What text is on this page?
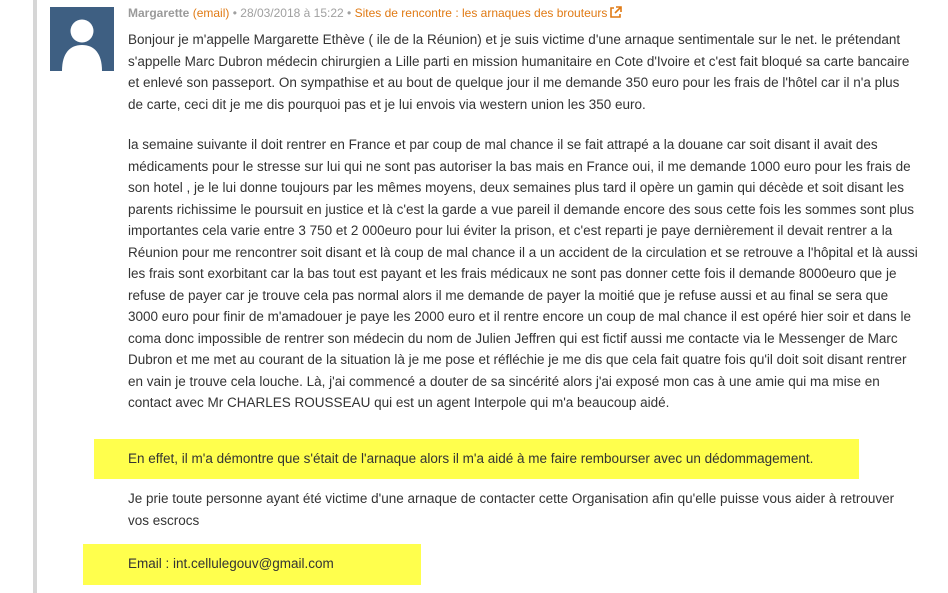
Margarette (email) • 28/03/2018 à 15:22 • Sites de rencontre : les arnaques des brouteurs

Bonjour je m'appelle Margarette Ethève ( ile de la Réunion) et je suis victime d'une arnaque sentimentale sur le net. le prétendant s'appelle Marc Dubron médecin chirurgien a Lille parti en mission humanitaire en Cote d'Ivoire et c'est fait bloqué sa carte bancaire et enlevé son passeport. On sympathise et au bout de quelque jour il me demande 350 euro pour les frais de l'hôtel car il n'a plus de carte, ceci dit je me dis pourquoi pas et je lui envois via western union les 350 euro.

la semaine suivante il doit rentrer en France et par coup de mal chance il se fait attrapé a la douane car soit disant il avait des médicaments pour le stresse sur lui qui ne sont pas autoriser la bas mais en France oui, il me demande 1000 euro pour les frais de son hotel , je le lui donne toujours par les mêmes moyens, deux semaines plus tard il opère un gamin qui décède et soit disant les parents richissime le poursuit en justice et là c'est la garde a vue pareil il demande encore des sous cette fois les sommes sont plus importantes cela varie entre 3 750 et 2 000euro pour lui éviter la prison, et c'est reparti je paye dernièrement il devait rentrer a la Réunion pour me rencontrer soit disant et là coup de mal chance il a un accident de la circulation et se retrouve a l'hôpital et là aussi les frais sont exorbitant car la bas tout est payant et les frais médicaux ne sont pas donner cette fois il demande 8000euro que je refuse de payer car je trouve cela pas normal alors il me demande de payer la moitié que je refuse aussi et au final se sera que 3000 euro pour finir de m'amadouer je paye les 2000 euro et il rentre encore un coup de mal chance il est opéré hier soir et dans le coma donc impossible de rentrer son médecin du nom de Julien Jeffren qui est fictif aussi me contacte via le Messenger de Marc Dubron et me met au courant de la situation là je me pose et réfléchie je me dis que cela fait quatre fois qu'il doit soit disant rentrer en vain je trouve cela louche. Là, j'ai commencé a douter de sa sincérité alors j'ai exposé mon cas à une amie qui ma mise en contact avec Mr CHARLES ROUSSEAU qui est un agent Interpole qui m'a beaucoup aidé.

En effet, il m'a démontre que s'était de l'arnaque alors il m'a aidé à me faire rembourser avec un dédommagement.

Je prie toute personne ayant été victime d'une arnaque de contacter cette Organisation afin qu'elle puisse vous aider à retrouver vos escrocs

Email : int.cellulegouv@gmail.com
